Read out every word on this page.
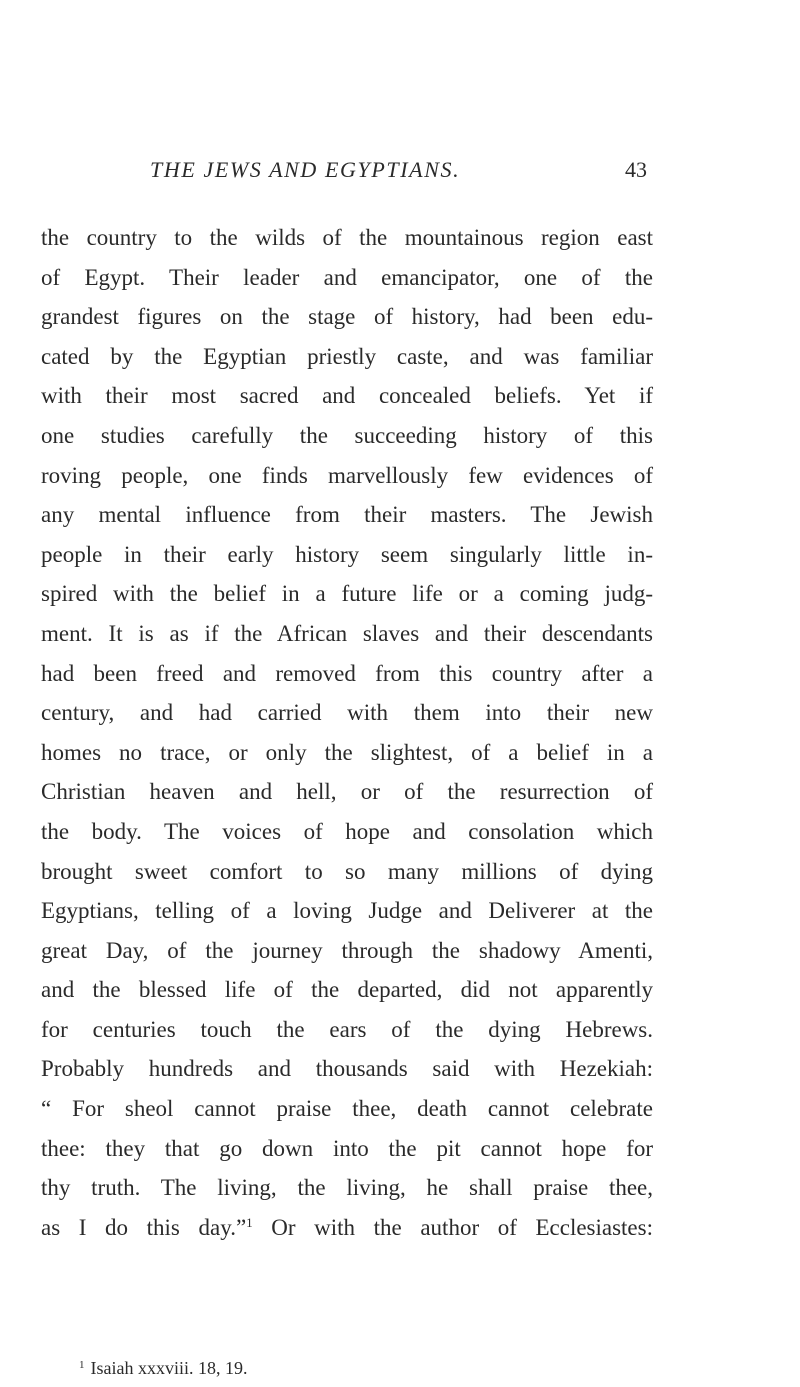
THE JEWS AND EGYPTIANS.	43
the country to the wilds of the mountainous region east
of Egypt. Their leader and emancipator, one of the
grandest figures on the stage of history, had been edu-
cated by the Egyptian priestly caste, and was familiar
with their most sacred and concealed beliefs. Yet if
one studies carefully the succeeding history of this
roving people, one finds marvellously few evidences of
any mental influence from their masters. The Jewish
people in their early history seem singularly little in-
spired with the belief in a future life or a coming judg-
ment. It is as if the African slaves and their descendants
had been freed and removed from this country after a
century, and had carried with them into their new
homes no trace, or only the slightest, of a belief in a
Christian heaven and hell, or of the resurrection of
the body. The voices of hope and consolation which
brought sweet comfort to so many millions of dying
Egyptians, telling of a loving Judge and Deliverer at the
great Day, of the journey through the shadowy Amenti,
and the blessed life of the departed, did not apparently
for centuries touch the ears of the dying Hebrews.
Probably hundreds and thousands said with Hezekiah:
“ For sheol cannot praise thee, death cannot celebrate
thee: they that go down into the pit cannot hope for
thy truth. The living, the living, he shall praise thee,
as I do this day.”$^1$ Or with the author of Ecclesiastes:
$^1$ Isaiah xxxviii. 18, 19.
